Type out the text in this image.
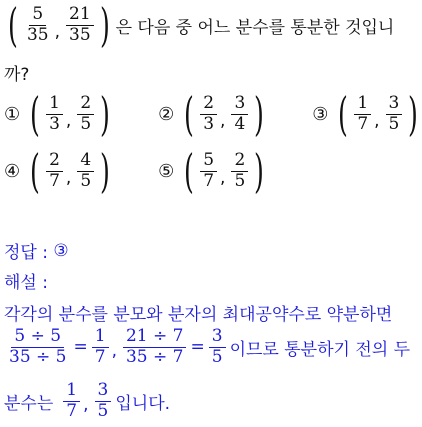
( $\frac{5}{35}$ , $\frac{21}{35}$ ) 은 다음 중 어느 분수를 통분한 것입니
까?
① ( $\frac{1}{3}$ , $\frac{2}{5}$ )	② ( $\frac{2}{3}$ , $\frac{3}{4}$ )	③ ( $\frac{1}{7}$ , $\frac{3}{5}$ )
④ ( $\frac{2}{7}$ , $\frac{4}{5}$ )	⑤ ( $\frac{5}{7}$ , $\frac{2}{5}$ )
정답 : ③
해설 :
각각의 분수를 분모와 분자의 최대공약수로 약분하면
$\frac{5 \div 5}{35 \div 5} = \frac{1}{7}$ , $\frac{21 \div 7}{35 \div 7} = \frac{3}{5}$ 이므로 통분하기 전의 두
분수는 $\frac{1}{7}$ , $\frac{3}{5}$ 입니다.
